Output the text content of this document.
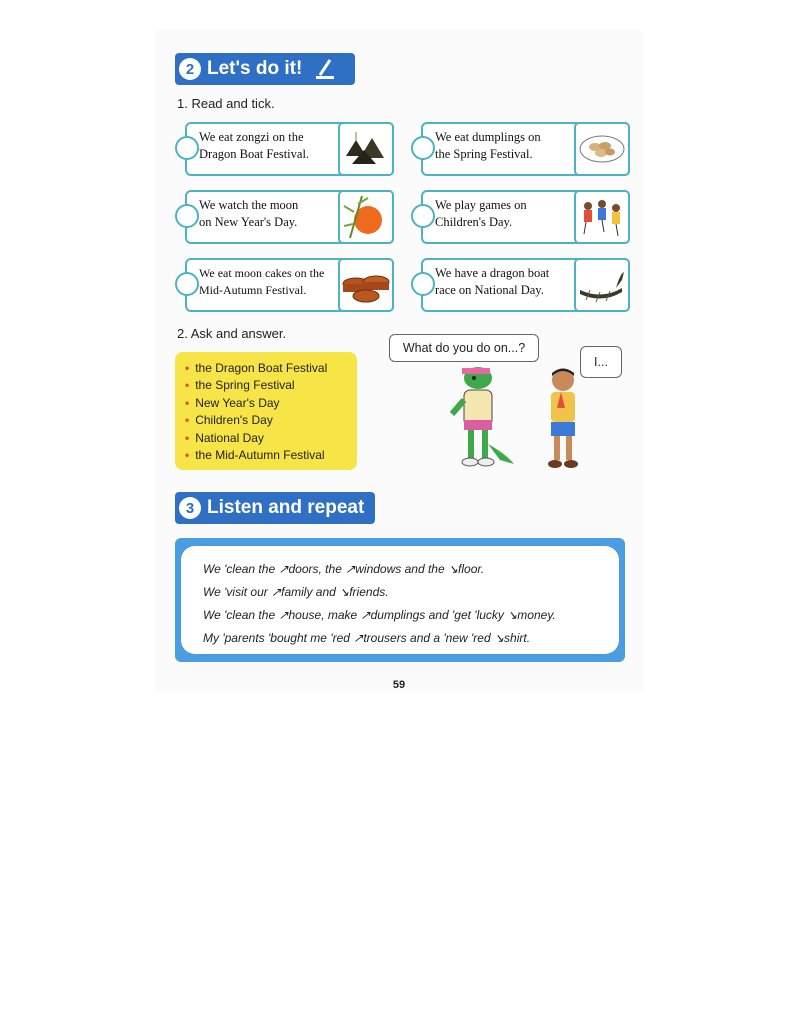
2 Let's do it!
1. Read and tick.
We eat zongzi on the
Dragon Boat Festival.
We eat dumplings on
the Spring Festival.
We watch the moon
on New Year's Day.
We play games on
Children's Day.
We eat moon cakes on the
Mid-Autumn Festival.
We have a dragon boat
race on National Day.
2. Ask and answer.
• the Dragon Boat Festival
• the Spring Festival
• New Year's Day
• Children's Day
• National Day
• the Mid-Autumn Festival
What do you do on...?
I...
3 Listen and repeat

We 'clean the ↗doors, the ↗windows and the ↘floor.

We 'visit our ↗family and ↘friends.

We 'clean the ↗house, make ↗dumplings and 'get 'lucky ↘money.

My 'parents 'bought me 'red ↗trousers and a 'new 'red ↘shirt.

59
